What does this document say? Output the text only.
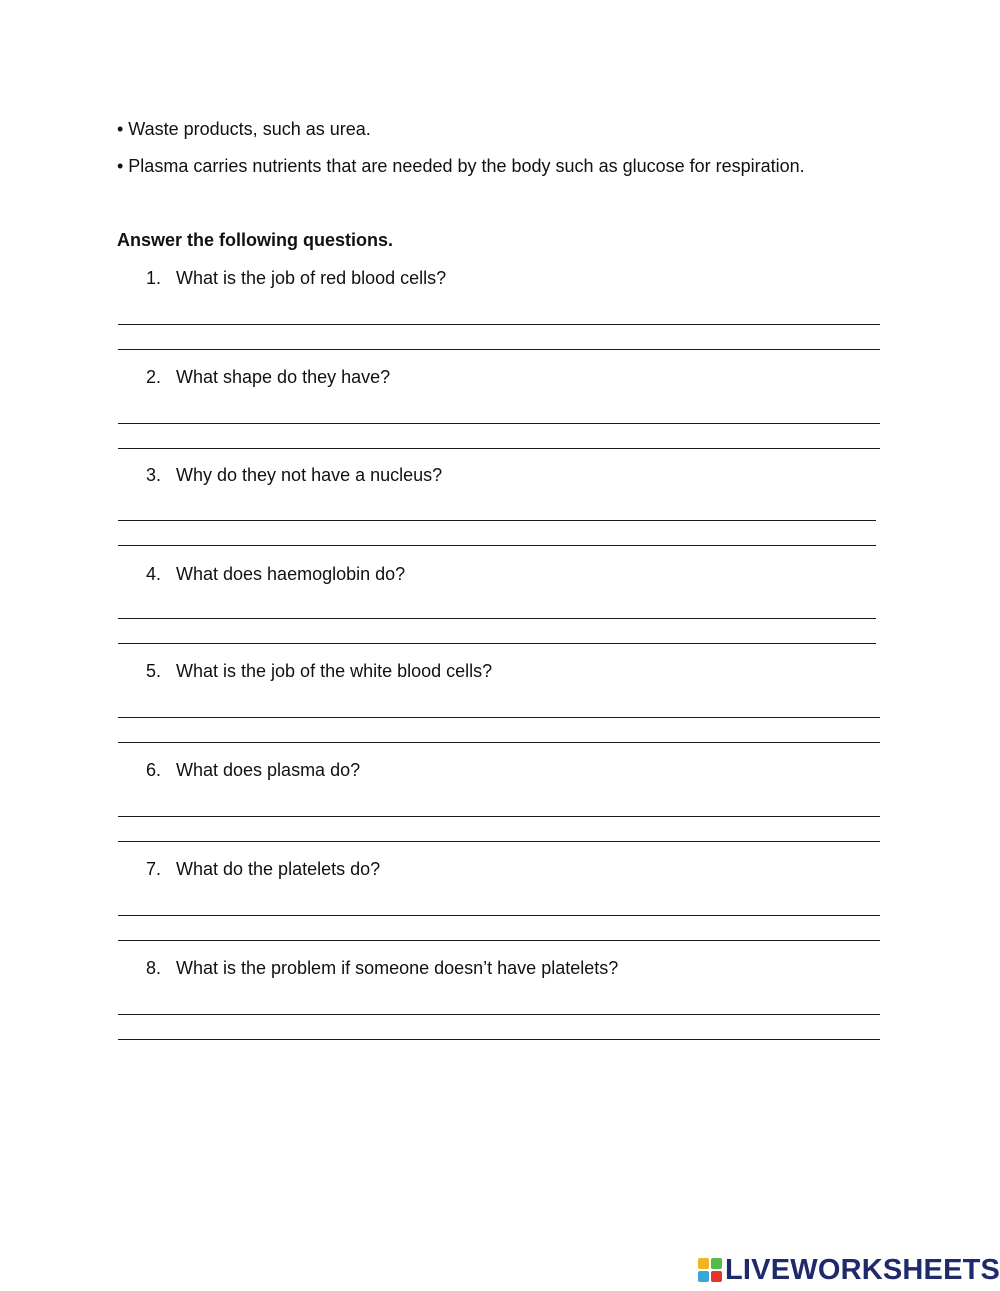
• Waste products, such as urea.
• Plasma carries nutrients that are needed by the body such as glucose for respiration.
Answer the following questions.
1. What is the job of red blood cells?
2. What shape do they have?
3. Why do they not have a nucleus?
4. What does haemoglobin do?
5. What is the job of the white blood cells?
6. What does plasma do?
7. What do the platelets do?
8. What is the problem if someone doesn’t have platelets?
LIVEWORKSHEETS
